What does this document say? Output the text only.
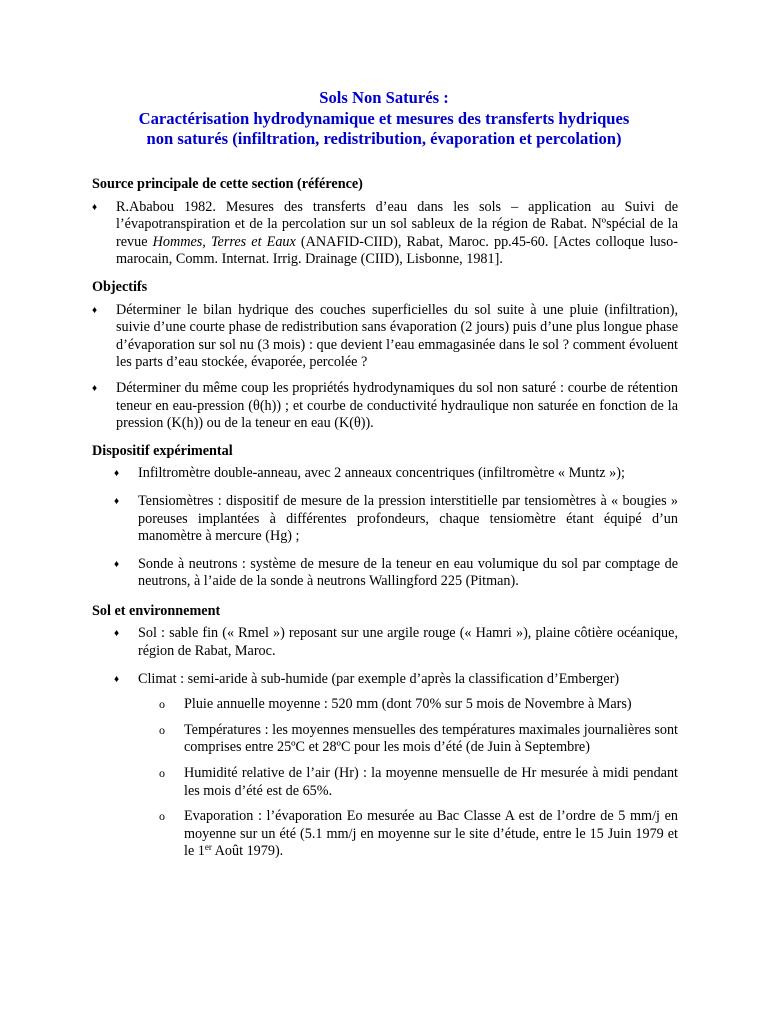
Sols Non Saturés :
Caractérisation hydrodynamique et mesures des transferts hydriques
non saturés (infiltration, redistribution, évaporation et percolation)
Source principale de cette section (référence)
♦ R.Ababou 1982. Mesures des transferts d’eau dans les sols – application au Suivi de l’évapotranspiration et de la percolation sur un sol sableux de la région de Rabat. Nºspécial de la revue Hommes, Terres et Eaux (ANAFID-CIID), Rabat, Maroc. pp.45-60. [Actes colloque luso-marocain, Comm. Internat. Irrig. Drainage (CIID), Lisbonne, 1981].
Objectifs
♦ Déterminer le bilan hydrique des couches superficielles du sol suite à une pluie (infiltration), suivie d’une courte phase de redistribution sans évaporation (2 jours) puis d’une plus longue phase d’évaporation sur sol nu (3 mois) : que devient l’eau emmagasinée dans le sol ? comment évoluent les parts d’eau stockée, évaporée, percolée ?
♦ Déterminer du même coup les propriétés hydrodynamiques du sol non saturé : courbe de rétention teneur en eau-pression (θ(h)) ; et courbe de conductivité hydraulique non saturée en fonction de la pression (K(h)) ou de la teneur en eau (K(θ)).
Dispositif expérimental
♦ Infiltromètre double-anneau, avec 2 anneaux concentriques (infiltromètre « Muntz »);
♦ Tensiomètres : dispositif de mesure de la pression interstitielle par tensiomètres à « bougies » poreuses implantées à différentes profondeurs, chaque tensiomètre étant équipé d’un manomètre à mercure (Hg) ;
♦ Sonde à neutrons : système de mesure de la teneur en eau volumique du sol par comptage de neutrons, à l’aide de la sonde à neutrons Wallingford 225 (Pitman).
Sol et environnement
♦ Sol : sable fin (« Rmel ») reposant sur une argile rouge (« Hamri »), plaine côtière océanique, région de Rabat, Maroc.
♦ Climat : semi-aride à sub-humide (par exemple d’après la classification d’Emberger)
o Pluie annuelle moyenne : 520 mm (dont 70% sur 5 mois de Novembre à Mars)
o Températures : les moyennes mensuelles des températures maximales journalières sont comprises entre 25ºC et 28ºC pour les mois d’été (de Juin à Septembre)
o Humidité relative de l’air (Hr) : la moyenne mensuelle de Hr mesurée à midi pendant les mois d’été est de 65%.
o Evaporation : l’évaporation Eo mesurée au Bac Classe A est de l’ordre de 5 mm/j en moyenne sur un été (5.1 mm/j en moyenne sur le site d’étude, entre le 15 Juin 1979 et le 1er Août 1979).
